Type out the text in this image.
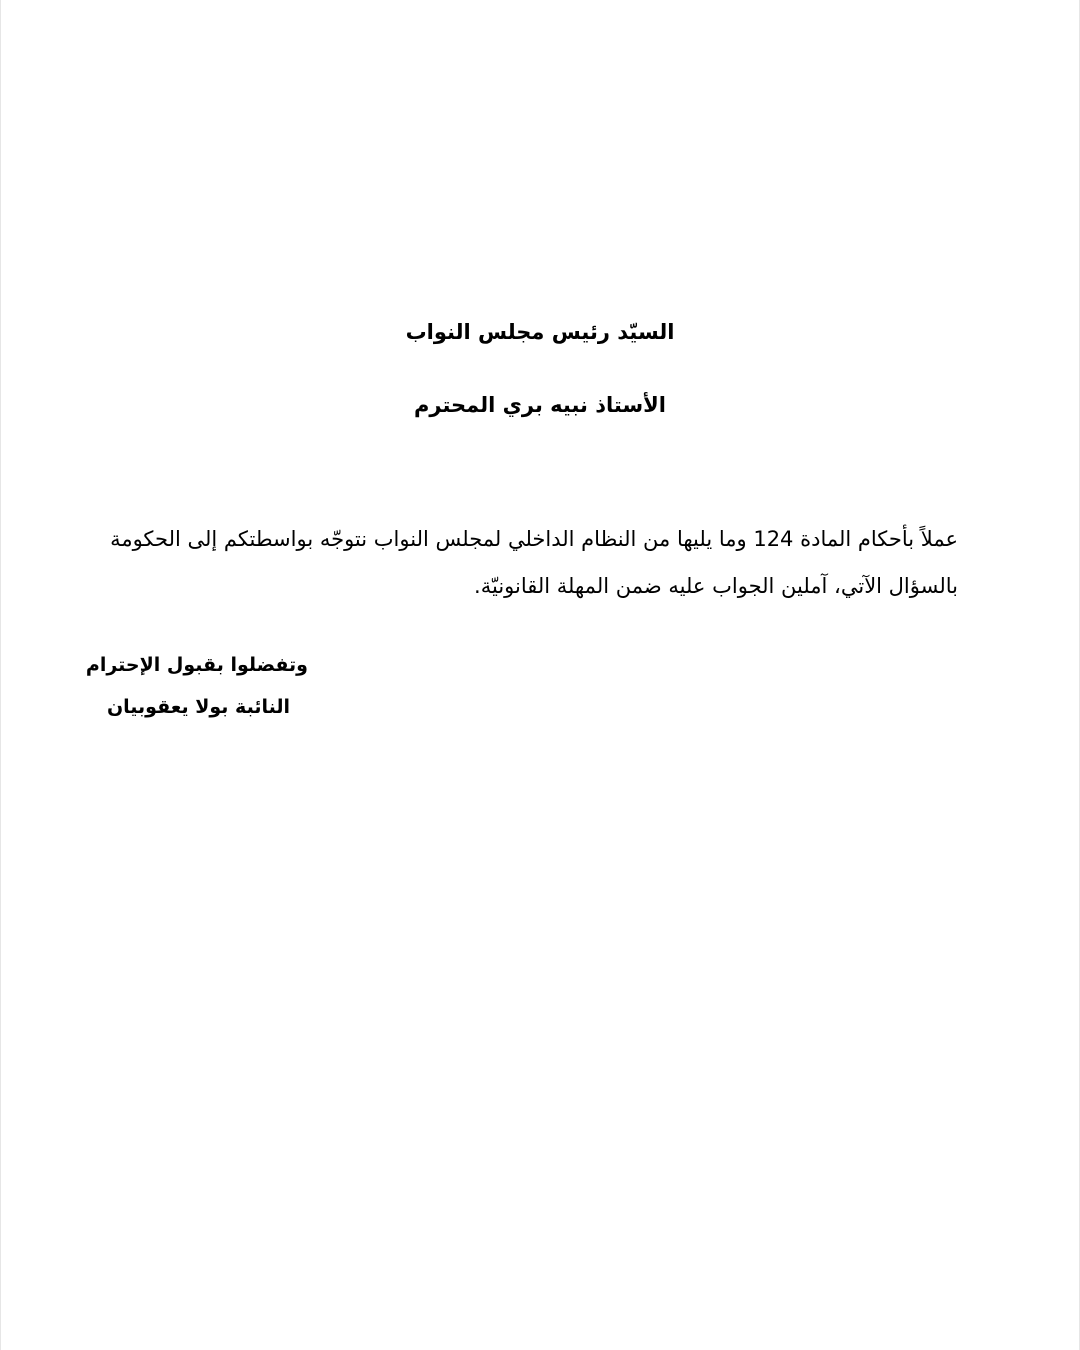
السيّد رئيس مجلس النواب
الأستاذ نبيه بري المحترم
عملاً بأحكام المادة 124 وما يليها من النظام الداخلي لمجلس النواب نتوجّه بواسطتكم إلى الحكومة
بالسؤال الآتي، آملين الجواب عليه ضمن المهلة القانونيّة.
وتفضلوا بقبول الإحترام
النائبة بولا يعقوبيان
